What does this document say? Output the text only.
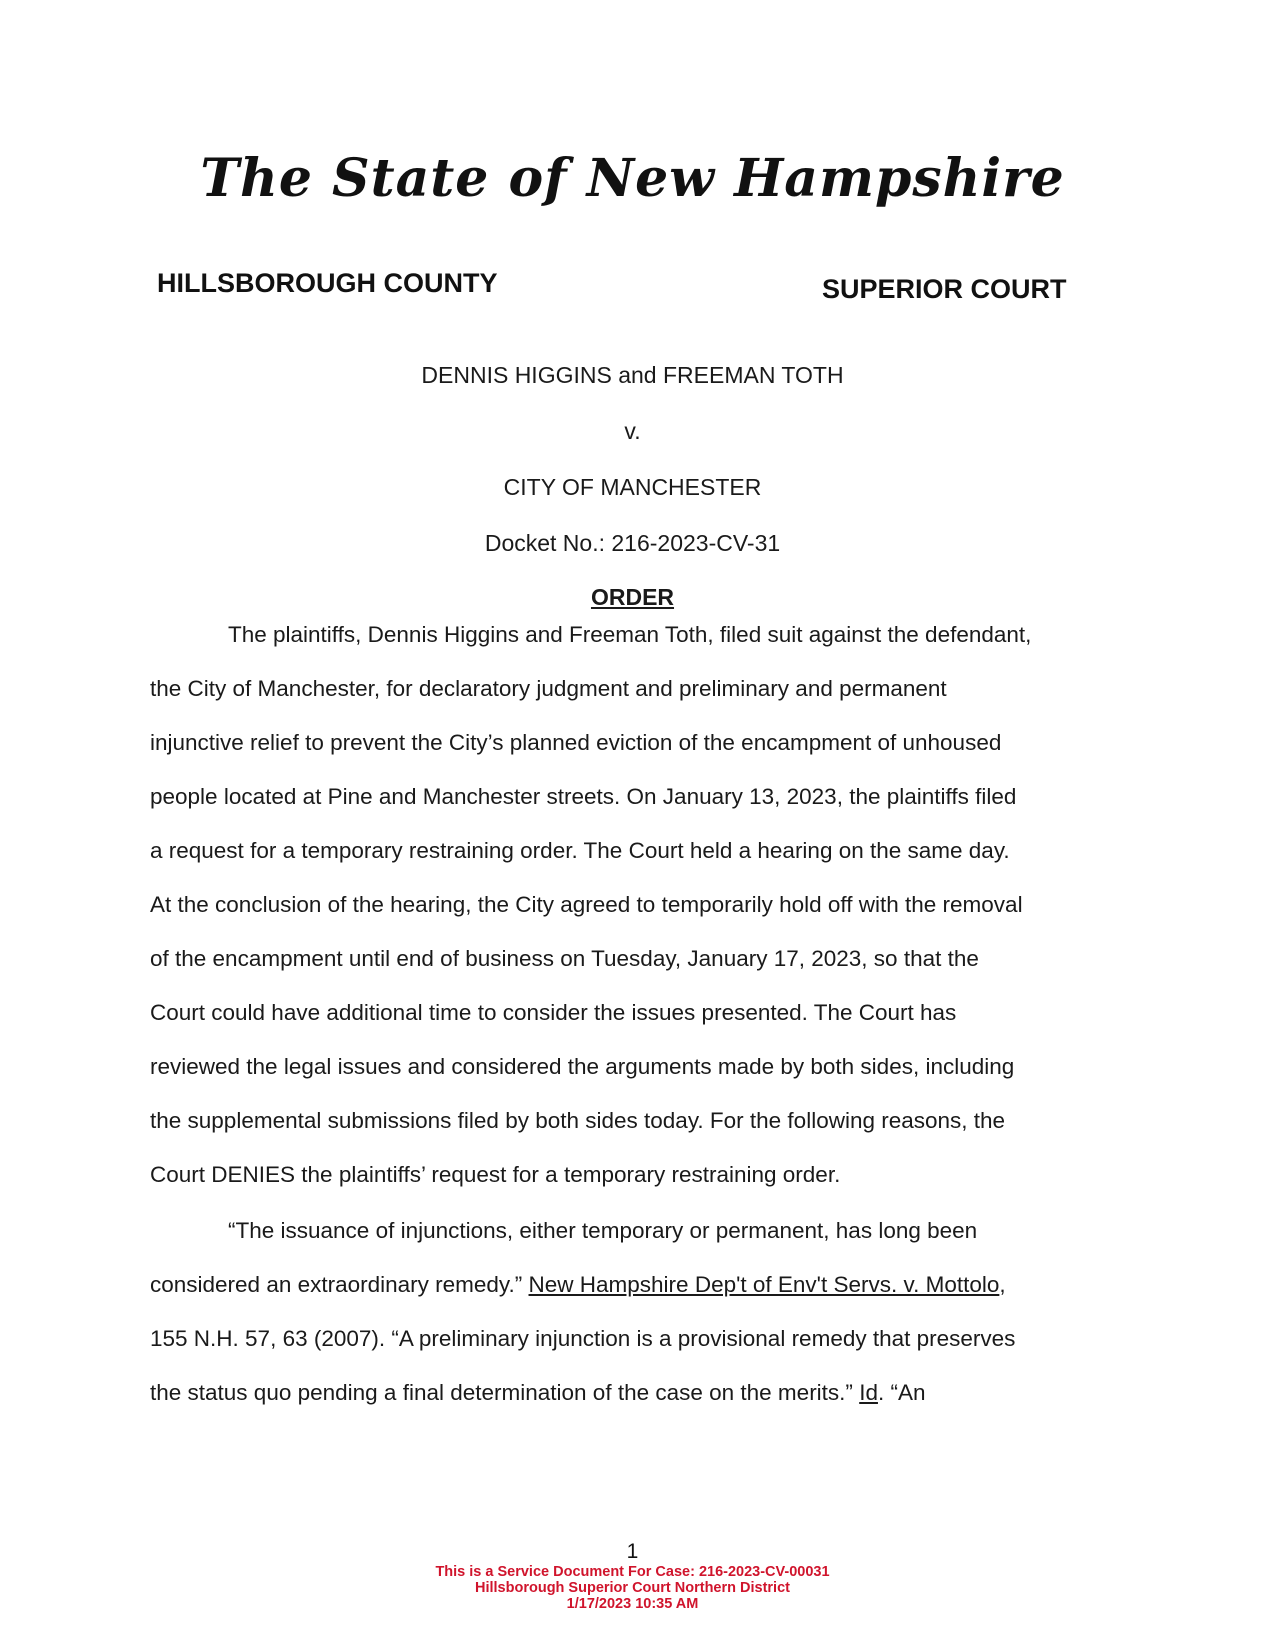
The State of New Hampshire
HILLSBOROUGH COUNTY	SUPERIOR COURT
DENNIS HIGGINS and FREEMAN TOTH
v.
CITY OF MANCHESTER
Docket No.: 216-2023-CV-31
ORDER
The plaintiffs, Dennis Higgins and Freeman Toth, filed suit against the defendant,
the City of Manchester, for declaratory judgment and preliminary and permanent
injunctive relief to prevent the City’s planned eviction of the encampment of unhoused
people located at Pine and Manchester streets. On January 13, 2023, the plaintiffs filed
a request for a temporary restraining order. The Court held a hearing on the same day.
At the conclusion of the hearing, the City agreed to temporarily hold off with the removal
of the encampment until end of business on Tuesday, January 17, 2023, so that the
Court could have additional time to consider the issues presented. The Court has
reviewed the legal issues and considered the arguments made by both sides, including
the supplemental submissions filed by both sides today. For the following reasons, the
Court DENIES the plaintiffs’ request for a temporary restraining order.
“The issuance of injunctions, either temporary or permanent, has long been
considered an extraordinary remedy.” New Hampshire Dep't of Env't Servs. v. Mottolo,
155 N.H. 57, 63 (2007). “A preliminary injunction is a provisional remedy that preserves
the status quo pending a final determination of the case on the merits.” Id. “An
1
This is a Service Document For Case: 216-2023-CV-00031
Hillsborough Superior Court Northern District
1/17/2023 10:35 AM
